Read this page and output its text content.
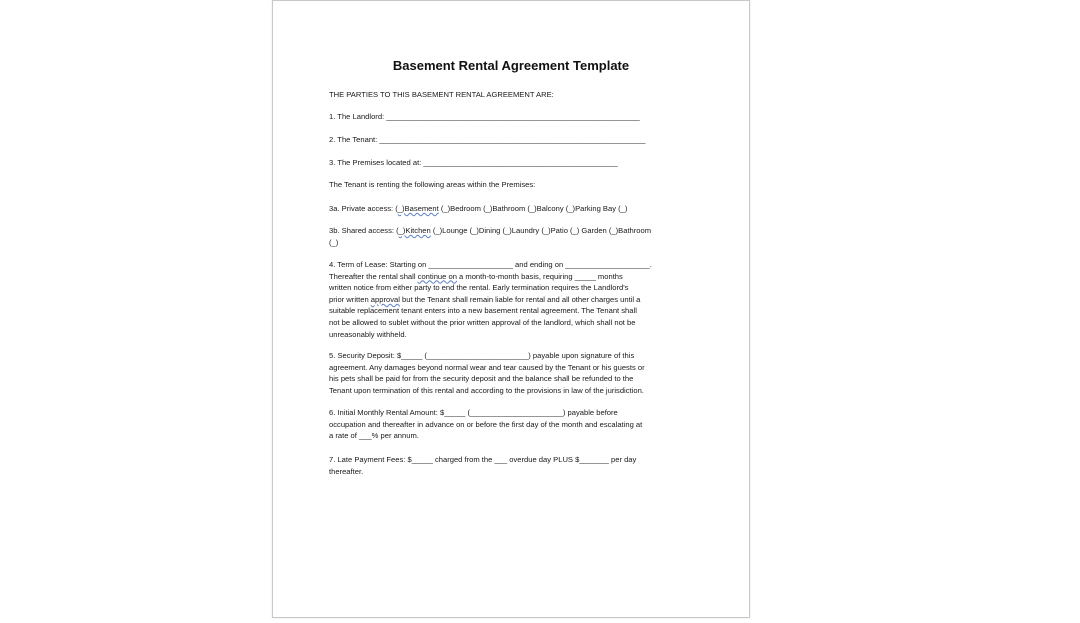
Basement Rental Agreement Template
THE PARTIES TO THIS BASEMENT RENTAL AGREEMENT ARE:
1. The Landlord: ____________________________________________________________
2. The Tenant: _______________________________________________________________
3. The Premises located at: ______________________________________________
The Tenant is renting the following areas within the Premises:
3a. Private access: (_)Basement (_)Bedroom (_)Bathroom (_)Balcony (_)Parking Bay (_)
3b. Shared access: (_)Kitchen (_)Lounge (_)Dining (_)Laundry (_)Patio (_) Garden (_)Bathroom
(_)
4. Term of Lease: Starting on ____________________ and ending on ____________________.
Thereafter the rental shall continue on a month-to-month basis, requiring _____ months
written notice from either party to end the rental. Early termination requires the Landlord's
prior written approval but the Tenant shall remain liable for rental and all other charges until a
suitable replacement tenant enters into a new basement rental agreement. The Tenant shall
not be allowed to sublet without the prior written approval of the landlord, which shall not be
unreasonably withheld.
5. Security Deposit: $_____ (________________________) payable upon signature of this
agreement. Any damages beyond normal wear and tear caused by the Tenant or his guests or
his pets shall be paid for from the security deposit and the balance shall be refunded to the
Tenant upon termination of this rental and according to the provisions in law of the jurisdiction.
6. Initial Monthly Rental Amount: $_____ (______________________) payable before
occupation and thereafter in advance on or before the first day of the month and escalating at
a rate of ___% per annum.
7. Late Payment Fees: $_____ charged from the ___ overdue day PLUS $_______ per day
thereafter.
